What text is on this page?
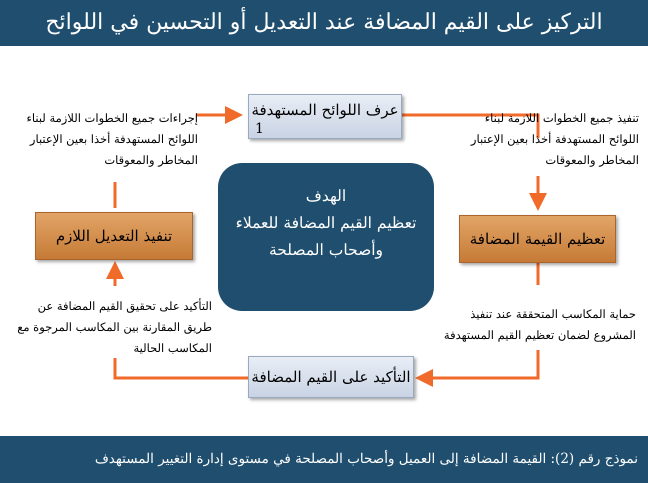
التركيز على القيم المضافة عند التعديل أو التحسين في اللوائح
عرف اللوائح المستهدفة
1
تعظيم القيمة المضافة
التأكيد على القيم المضافة
تنفيذ التعديل اللازم
الهدف
تعظيم القيم المضافة للعملاء
وأصحاب المصلحة
تنفيذ جميع الخطوات اللازمة لبناء
اللوائح المستهدفة أخذا بعين الإعتبار
المخاطر والمعوقات
إجراءات جميع الخطوات اللازمة لبناء
اللوائح المستهدفة أخذا بعين الإعتبار
المخاطر والمعوقات
حماية المكاسب المتحققة عند تنفيذ
المشروع لضمان تعظيم القيم المستهدفة
التأكيد على تحقيق القيم المضافة عن
طريق المقارنة بين المكاسب المرجوة مع
المكاسب الحالية
نموذج رقم (2): القيمة المضافة إلى العميل وأصحاب المصلحة في مستوى إدارة التغيير المستهدف
